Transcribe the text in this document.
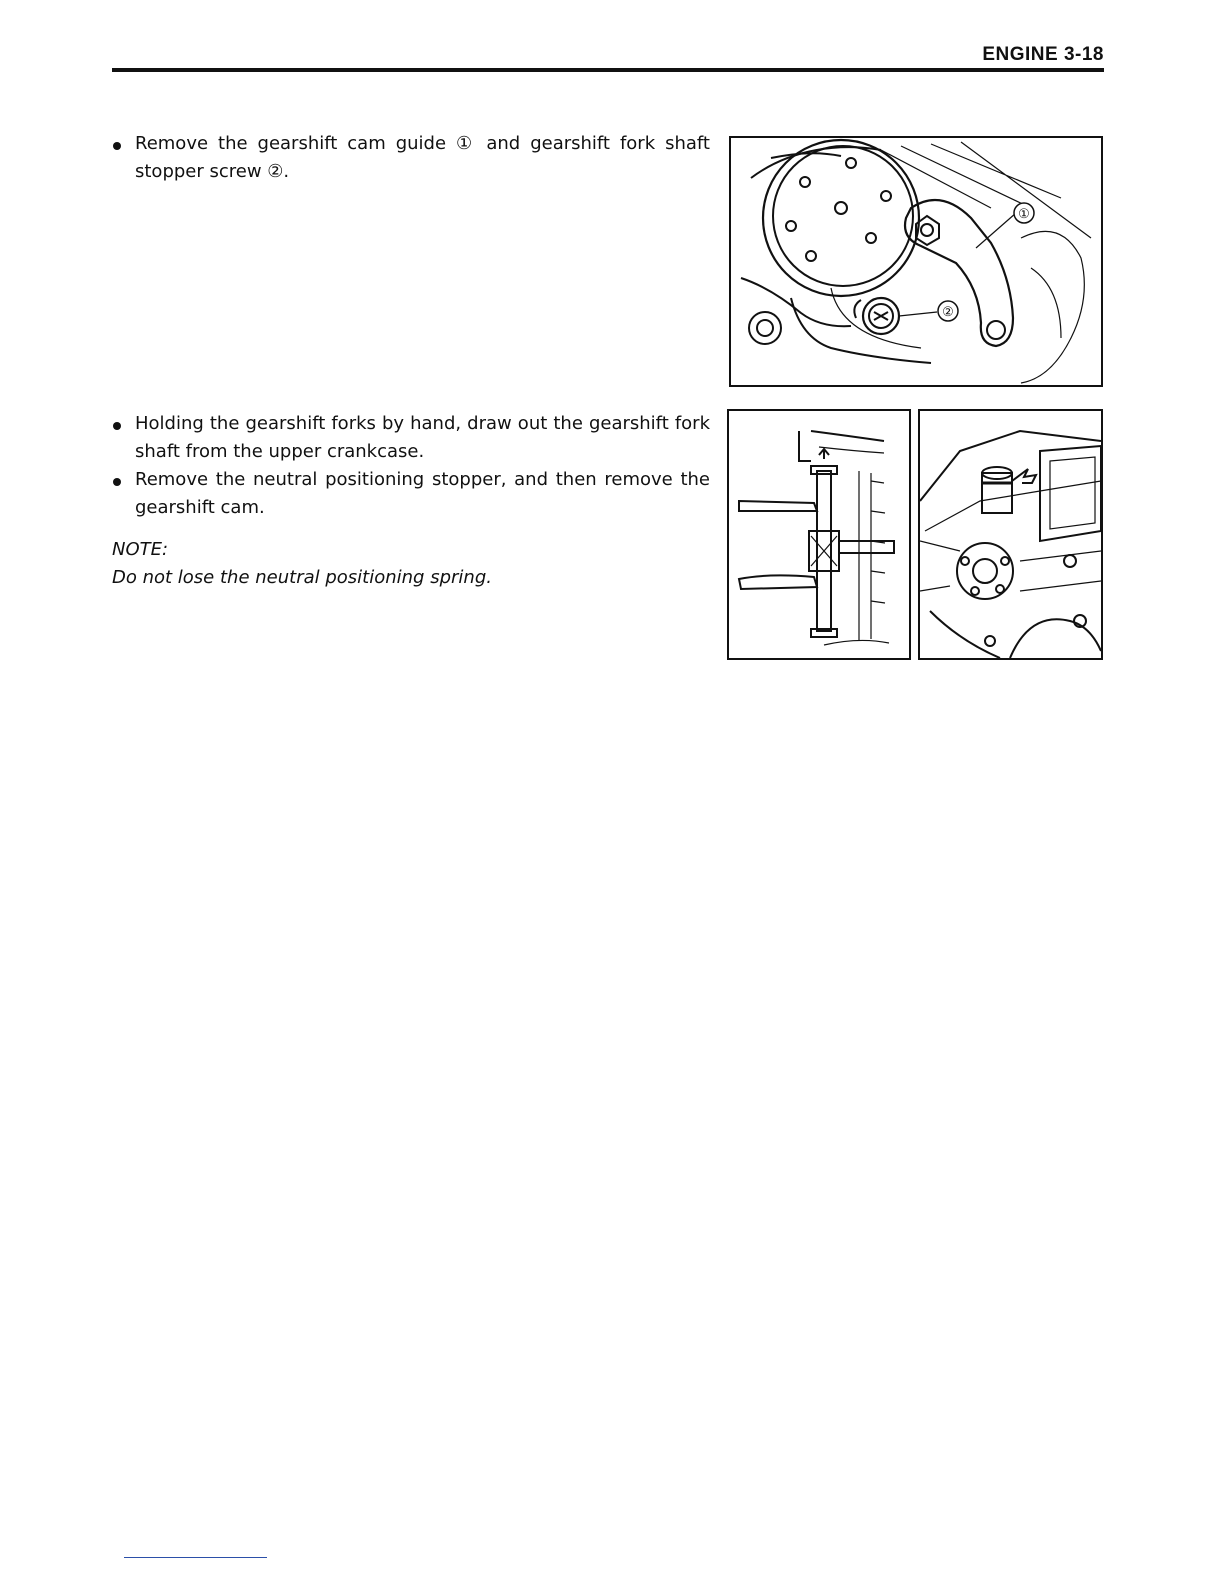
ENGINE 3-18
Remove the gearshift cam guide ① and gearshift fork shaft stopper screw ②.
①
②
Holding the gearshift forks by hand, draw out the gearshift fork shaft from the upper crankcase.
Remove the neutral positioning stopper, and then remove the gearshift cam.
NOTE:
Do not lose the neutral positioning spring.
